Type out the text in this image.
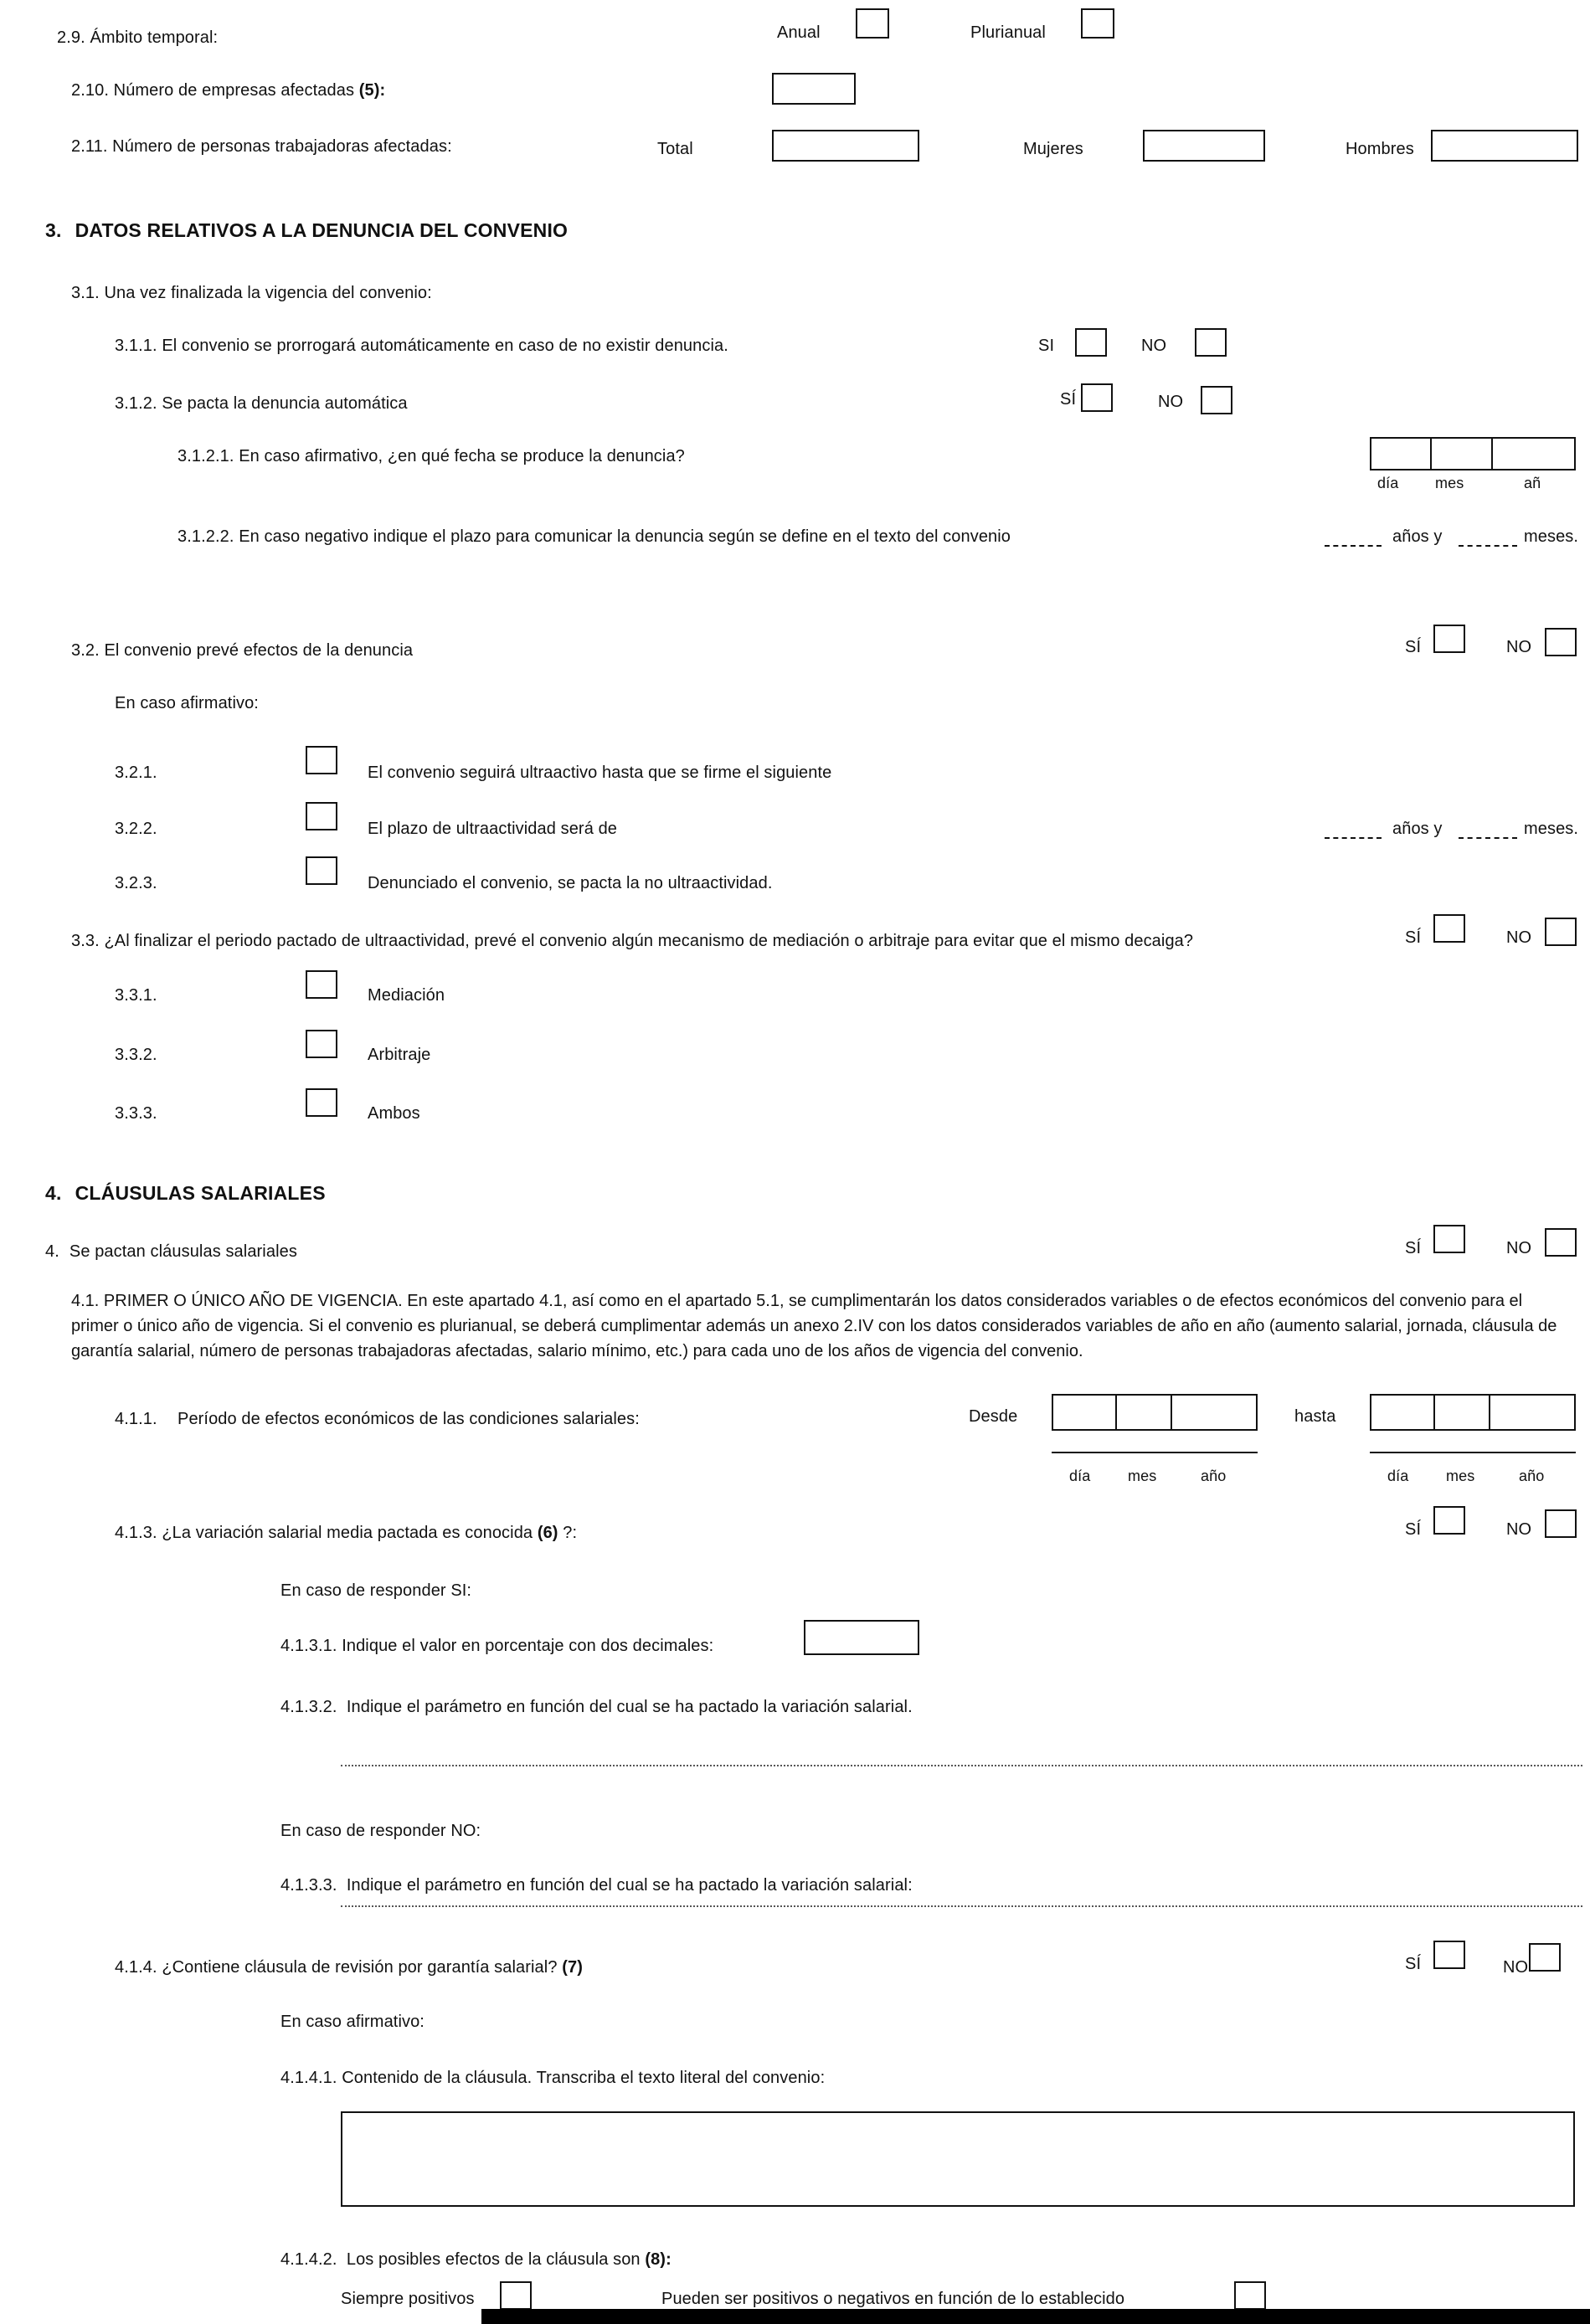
2.9. Ámbito temporal:	Anual	Plurianual
2.10. Número de empresas afectadas (5):
2.11. Número de personas trabajadoras afectadas:	Total	Mujeres	Hombres
3. DATOS RELATIVOS A LA DENUNCIA DEL CONVENIO
3.1. Una vez finalizada la vigencia del convenio:
3.1.1. El convenio se prorrogará automáticamente en caso de no existir denuncia.	SI	NO
3.1.2. Se pacta la denuncia automática	SÍ	NO
3.1.2.1. En caso afirmativo, ¿en qué fecha se produce la denuncia?
día mes	añ
3.1.2.2. En caso negativo indique el plazo para comunicar la denuncia según se define en el texto del convenio	años y	meses.
3.2. El convenio prevé efectos de la denuncia	SÍ	NO
En caso afirmativo:
3.2.1.	El convenio seguirá ultraactivo hasta que se firme el siguiente
3.2.2.	El plazo de ultraactividad será de	años y	meses.
3.2.3.	Denunciado el convenio, se pacta la no ultraactividad.
3.3. ¿Al finalizar el periodo pactado de ultraactividad, prevé el convenio algún mecanismo de mediación o arbitraje para evitar que el mismo decaiga?	SÍ	NO
3.3.1.	Mediación
3.3.2.	Arbitraje
3.3.3.	Ambos
4. CLÁUSULAS SALARIALES
4. Se pactan cláusulas salariales	SÍ	NO
4.1. PRIMER O ÚNICO AÑO DE VIGENCIA. En este apartado 4.1, así como en el apartado 5.1, se cumplimentarán los datos considerados variables o de efectos económicos del convenio para el primer o único año de vigencia. Si el convenio es plurianual, se deberá cumplimentar además un anexo 2.IV con los datos considerados variables de año en año (aumento salarial, jornada, cláusula de garantía salarial, número de personas trabajadoras afectadas, salario mínimo, etc.) para cada uno de los años de vigencia del convenio.
4.1.1. Período de efectos económicos de las condiciones salariales:	Desde	hasta
día mes	año	día mes	año
4.1.3. ¿La variación salarial media pactada es conocida (6) ?:	SÍ	NO
En caso de responder SI:
4.1.3.1. Indique el valor en porcentaje con dos decimales:
4.1.3.2. Indique el parámetro en función del cual se ha pactado la variación salarial.
En caso de responder NO:
4.1.3.3. Indique el parámetro en función del cual se ha pactado la variación salarial:
4.1.4. ¿Contiene cláusula de revisión por garantía salarial? (7)	SÍ	NO
En caso afirmativo:
4.1.4.1. Contenido de la cláusula. Transcriba el texto literal del convenio:
4.1.4.2. Los posibles efectos de la cláusula son (8):
Siempre positivos	Pueden ser positivos o negativos en función de lo establecido
